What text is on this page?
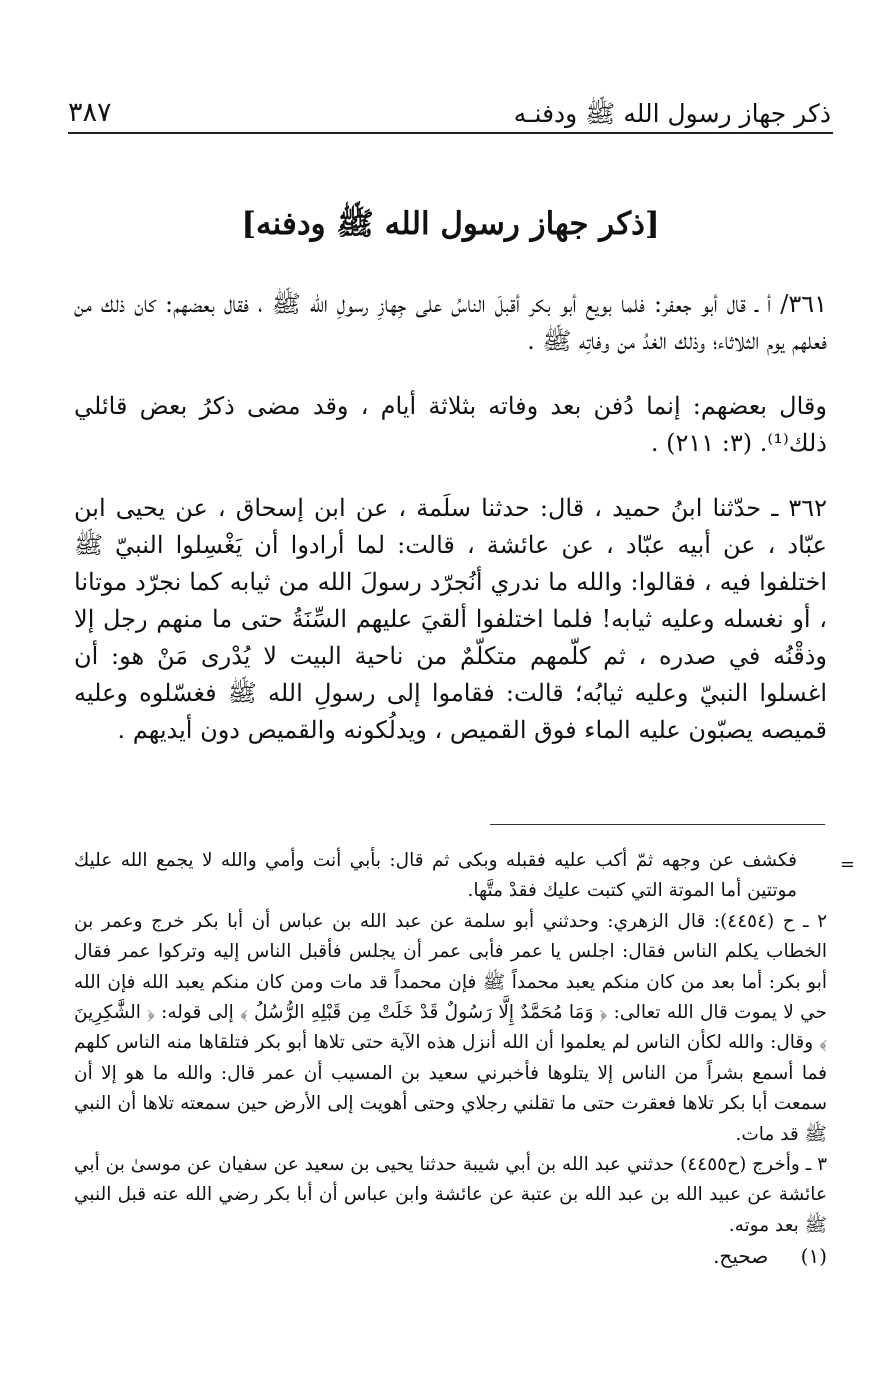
٣٨٧	ذكر جهاز رسول الله ﷺ ودفنـه
[ذكر جهاز رسول الله ﷺ ودفنه]

٣٦١/ أ ـ قال أبو جعفر: فلما بويع أبو بكر أقبلَ الناسُ على جِهازِ رسولِ الله ﷺ ، فقال بعضهم: كان ذلك من فعلهم يوم الثلاثاء؛ وذلك الغدُ من وفاتِه ﷺ .

وقال بعضهم: إنما دُفن بعد وفاته بثلاثة أيام ، وقد مضى ذكرُ بعض قائلي ذلك⁽¹⁾. (٣: ٢١١) .

٣٦٢ ـ حدّثنا ابنُ حميد ، قال: حدثنا سلَمة ، عن ابن إسحاق ، عن يحيى ابن عبّاد ، عن أبيه عبّاد ، عن عائشة ، قالت: لما أرادوا أن يَغْسِلوا النبيّ ﷺ اختلفوا فيه ، فقالوا: والله ما ندري أنُجرّد رسولَ الله من ثيابه كما نجرّد موتانا ، أو نغسله وعليه ثيابه! فلما اختلفوا ألقيَ عليهم السِّنَةُ حتى ما منهم رجل إلا وذقْنُه في صدره ، ثم كلّمهم متكلّمٌ من ناحية البيت لا يُدْرى مَنْ هو: أن اغسلوا النبيّ وعليه ثيابُه؛ قالت: فقاموا إلى رسولِ الله ﷺ فغسّلوه وعليه قميصه يصبّون عليه الماء فوق القميص ، ويدلُكونه والقميص دون أيديهم .

=
فكشف عن وجهه ثمّ أكب عليه فقبله وبكى ثم قال: بأبي أنت وأمي والله لا يجمع الله عليك موتتين أما الموتة التي كتبت عليك فقدْ متَّها.

٢ ـ ح (٤٤٥٤): قال الزهري: وحدثني أبو سلمة عن عبد الله بن عباس أن أبا بكر خرج وعمر بن الخطاب يكلم الناس فقال: اجلس يا عمر فأبى عمر أن يجلس فأقبل الناس إليه وتركوا عمر فقال أبو بكر: أما بعد من كان منكم يعبد محمداً ﷺ فإن محمداً قد مات ومن كان منكم يعبد الله فإن الله حي لا يموت قال الله تعالى: ﴿ وَمَا مُحَمَّدٌ إِلَّا رَسُولٌ قَدْ خَلَتْ مِن قَبْلِهِ الرُّسُلُ ﴾ إلى قوله: ﴿ الشَّٰكِرِينَ ﴾ وقال: والله لكأن الناس لم يعلموا أن الله أنزل هذه الآية حتى تلاها أبو بكر فتلقاها منه الناس كلهم فما أسمع بشراً من الناس إلا يتلوها فأخبرني سعيد بن المسيب أن عمر قال: والله ما هو إلا أن سمعت أبا بكر تلاها فعقرت حتى ما تقلني رجلاي وحتى أهويت إلى الأرض حين سمعته تلاها أن النبي ﷺ قد مات.

٣ ـ وأخرج (ح٤٤٥٥) حدثني عبد الله بن أبي شيبة حدثنا يحيى بن سعيد عن سفيان عن موسىٰ بن أبي عائشة عن عبيد الله بن عبد الله بن عتبة عن عائشة وابن عباس أن أبا بكر رضي الله عنه قبل النبي ﷺ بعد موته.

(١) صحيح.
